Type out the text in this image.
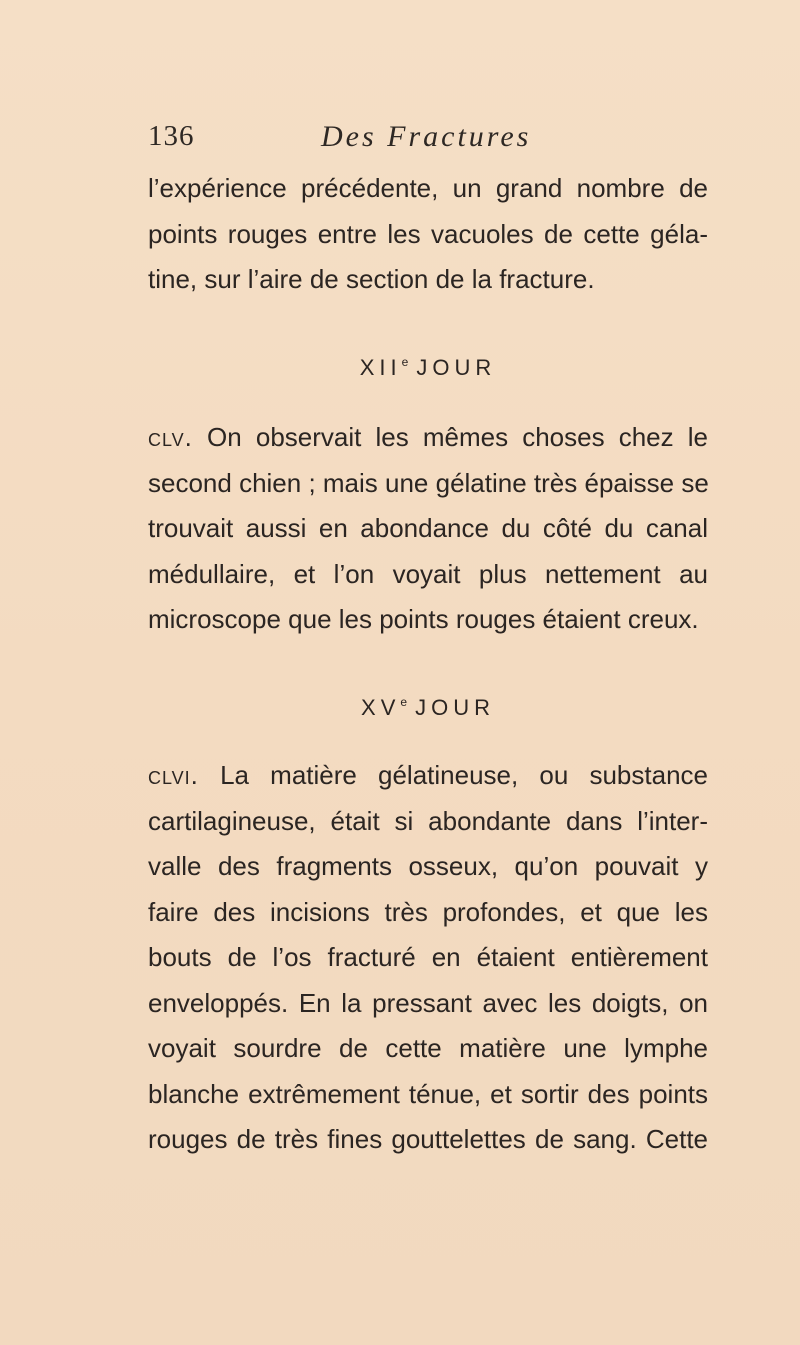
136	Des Fractures
l’expérience précédente, un grand nombre de
points rouges entre les vacuoles de cette géla-
tine, sur l’aire de section de la fracture.
XIIe JOUR
clv. On observait les mêmes choses chez le
second chien ; mais une gélatine très épaisse se
trouvait aussi en abondance du côté du canal
médullaire, et l’on voyait plus nettement au
microscope que les points rouges étaient creux.
XVe JOUR
clvi. La matière gélatineuse, ou substance
cartilagineuse, était si abondante dans l’inter-
valle des fragments osseux, qu’on pouvait y
faire des incisions très profondes, et que les
bouts de l’os fracturé en étaient entièrement
enveloppés. En la pressant avec les doigts, on
voyait sourdre de cette matière une lymphe
blanche extrêmement ténue, et sortir des points
rouges de très fines gouttelettes de sang. Cette
